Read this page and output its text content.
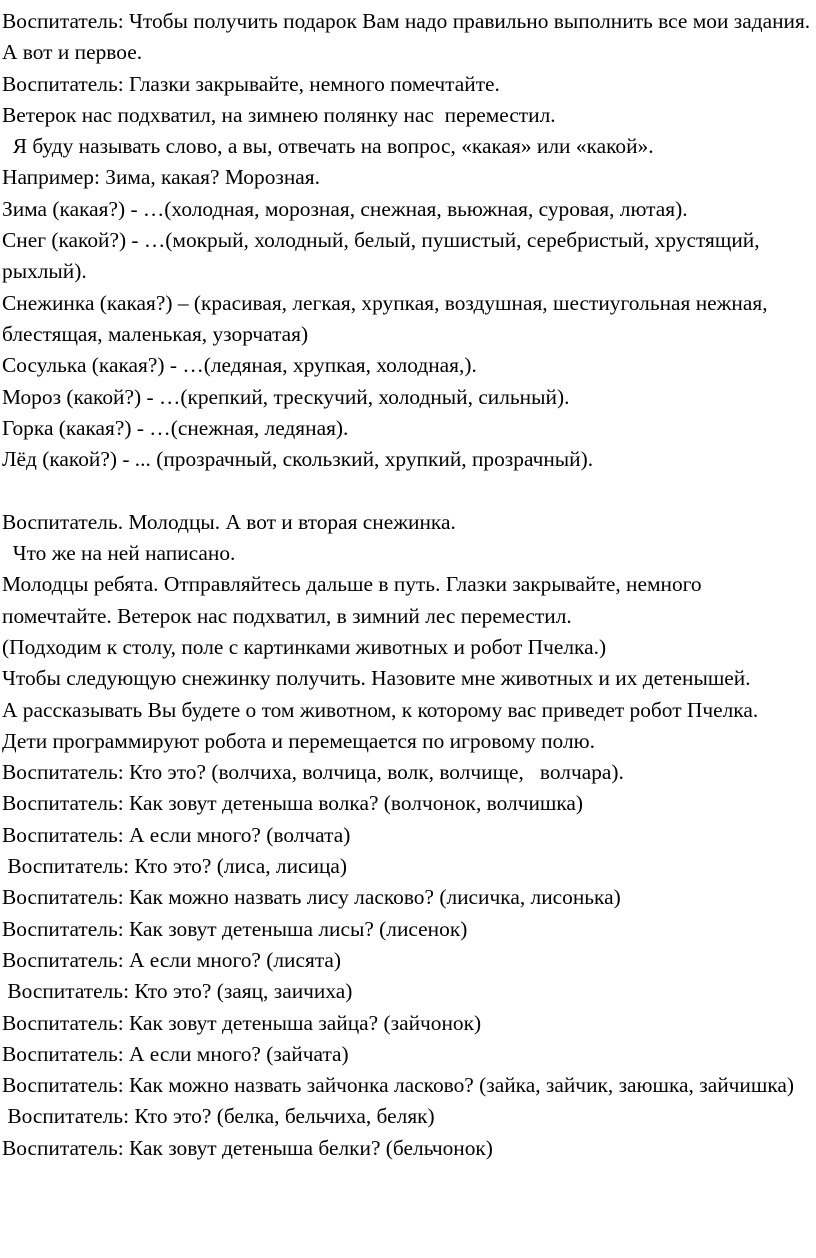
Воспитатель: Чтобы получить подарок Вам надо правильно выполнить все мои задания. А вот и первое.

Воспитатель: Глазки закрывайте, немного помечтайте.

Ветерок нас подхватил, на зимнею полянку нас  переместил.

Я буду называть слово, а вы, отвечать на вопрос, «какая» или «какой».

Например: Зима, какая? Морозная.

Зима (какая?) - …(холодная, морозная, снежная, вьюжная, суровая, лютая).

Снег (какой?) - …(мокрый, холодный, белый, пушистый, серебристый, хрустящий, рыхлый).

Снежинка (какая?) – (красивая, легкая, хрупкая, воздушная, шестиугольная нежная, блестящая, маленькая, узорчатая)

Сосулька (какая?) - …(ледяная, хрупкая, холодная,).

Мороз (какой?) - …(крепкий, трескучий, холодный, сильный).

Горка (какая?) - …(снежная, ледяная).

Лёд (какой?) - ... (прозрачный, скользкий, хрупкий, прозрачный).

Воспитатель. Молодцы. А вот и вторая снежинка.

Что же на ней написано.

Молодцы ребята. Отправляйтесь дальше в путь. Глазки закрывайте, немного помечтайте. Ветерок нас подхватил, в зимний лес переместил.

(Подходим к столу, поле с картинками животных и робот Пчелка.)

Чтобы следующую снежинку получить. Назовите мне животных и их детенышей.

А рассказывать Вы будете о том животном, к которому вас приведет робот Пчелка.

Дети программируют робота и перемещается по игровому полю.

Воспитатель: Кто это? (волчиха, волчица, волк, волчище,   волчара).

Воспитатель: Как зовут детеныша волка? (волчонок, волчишка)

Воспитатель: А если много? (волчата)

Воспитатель: Кто это? (лиса, лисица)

Воспитатель: Как можно назвать лису ласково? (лисичка, лисонька)

Воспитатель: Как зовут детеныша лисы? (лисенок)

Воспитатель: А если много? (лисята)

Воспитатель: Кто это? (заяц, заичиха)

Воспитатель: Как зовут детеныша зайца? (зайчонок)

Воспитатель: А если много? (зайчата)

Воспитатель: Как можно назвать зайчонка ласково? (зайка, зайчик, заюшка, зайчишка)

Воспитатель: Кто это? (белка, бельчиха, беляк)

Воспитатель: Как зовут детеныша белки? (бельчонок)
